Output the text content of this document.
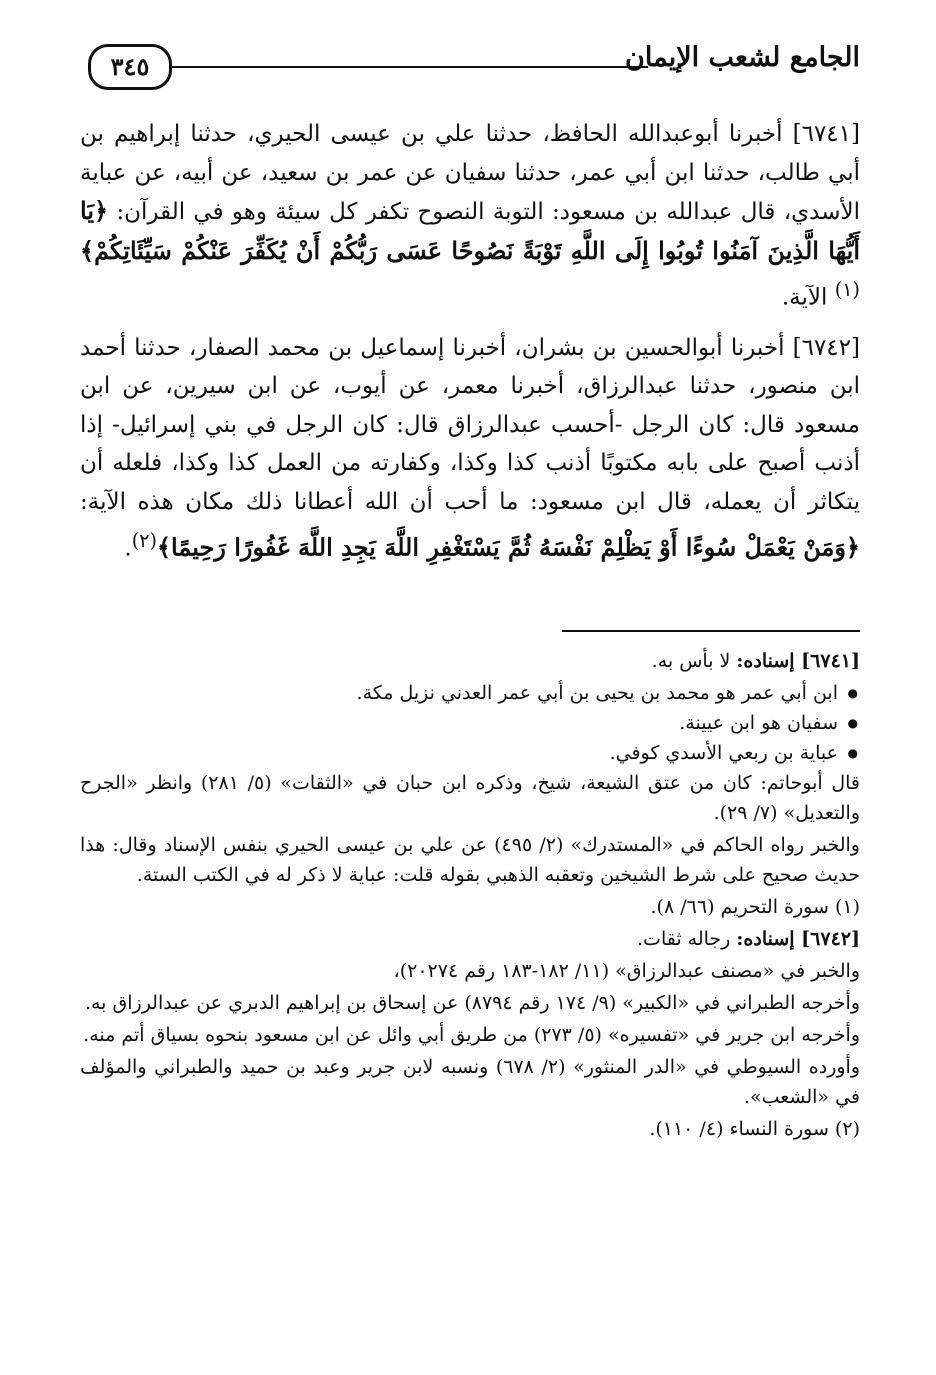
٣٤٥	الجامع لشعب الإيمان

[٦٧٤١] أخبرنا أبوعبدالله الحافظ، حدثنا علي بن عيسى الحيري، حدثنا إبراهيم بن أبي طالب، حدثنا ابن أبي عمر، حدثنا سفيان عن عمر بن سعيد، عن أبيه، عن عباية الأسدي، قال عبدالله بن مسعود: التوبة النصوح تكفر كل سيئة وهو في القرآن: ﴿يَا أَيُّهَا الَّذِينَ آمَنُوا تُوبُوا إِلَى اللَّهِ تَوْبَةً نَصُوحًا عَسَى رَبُّكُمْ أَنْ يُكَفِّرَ عَنْكُمْ سَيِّئَاتِكُمْ﴾$^{(١)}$ الآية.

[٦٧٤٢] أخبرنا أبوالحسين بن بشران، أخبرنا إسماعيل بن محمد الصفار، حدثنا أحمد ابن منصور، حدثنا عبدالرزاق، أخبرنا معمر، عن أيوب، عن ابن سيرين، عن ابن مسعود قال: كان الرجل -أحسب عبدالرزاق قال: كان الرجل في بني إسرائيل- إذا أذنب أصبح على بابه مكتوبًا أذنب كذا وكذا، وكفارته من العمل كذا وكذا، فلعله أن يتكاثر أن يعمله، قال ابن مسعود: ما أحب أن الله أعطانا ذلك مكان هذه الآية: ﴿وَمَنْ يَعْمَلْ سُوءًا أَوْ يَظْلِمْ نَفْسَهُ ثُمَّ يَسْتَغْفِرِ اللَّهَ يَجِدِ اللَّهَ غَفُورًا رَحِيمًا﴾$^{(٢)}$.

[٦٧٤١] إسناده: لا بأس به.

● ابن أبي عمر هو محمد بن يحيى بن أبي عمر العدني نزيل مكة.
● سفيان هو ابن عيينة.
● عباية بن ربعي الأسدي كوفي.

قال أبوحاتم: كان من عتق الشيعة، شيخ، وذكره ابن حبان في «الثقات» (٥/ ٢٨١) وانظر «الجرح والتعديل» (٧/ ٢٩).

والخبر رواه الحاكم في «المستدرك» (٢/ ٤٩٥) عن علي بن عيسى الحيري بنفس الإسناد وقال: هذا حديث صحيح على شرط الشيخين وتعقبه الذهبي بقوله قلت: عباية لا ذكر له في الكتب الستة.

(١) سورة التحريم (٦٦/ ٨).

[٦٧٤٢] إسناده: رجاله ثقات.

والخبر في «مصنف عبدالرزاق» (١١/ ١٨٢-١٨٣ رقم ٢٠٢٧٤)،

وأخرجه الطبراني في «الكبير» (٩/ ١٧٤ رقم ٨٧٩٤) عن إسحاق بن إبراهيم الدبري عن عبدالرزاق به.

وأخرجه ابن جرير في «تفسيره» (٥/ ٢٧٣) من طريق أبي وائل عن ابن مسعود بنحوه بسياق أتم منه.

وأورده السيوطي في «الدر المنثور» (٢/ ٦٧٨) ونسبه لابن جرير وعبد بن حميد والطبراني والمؤلف في «الشعب».

(٢) سورة النساء (٤/ ١١٠).
